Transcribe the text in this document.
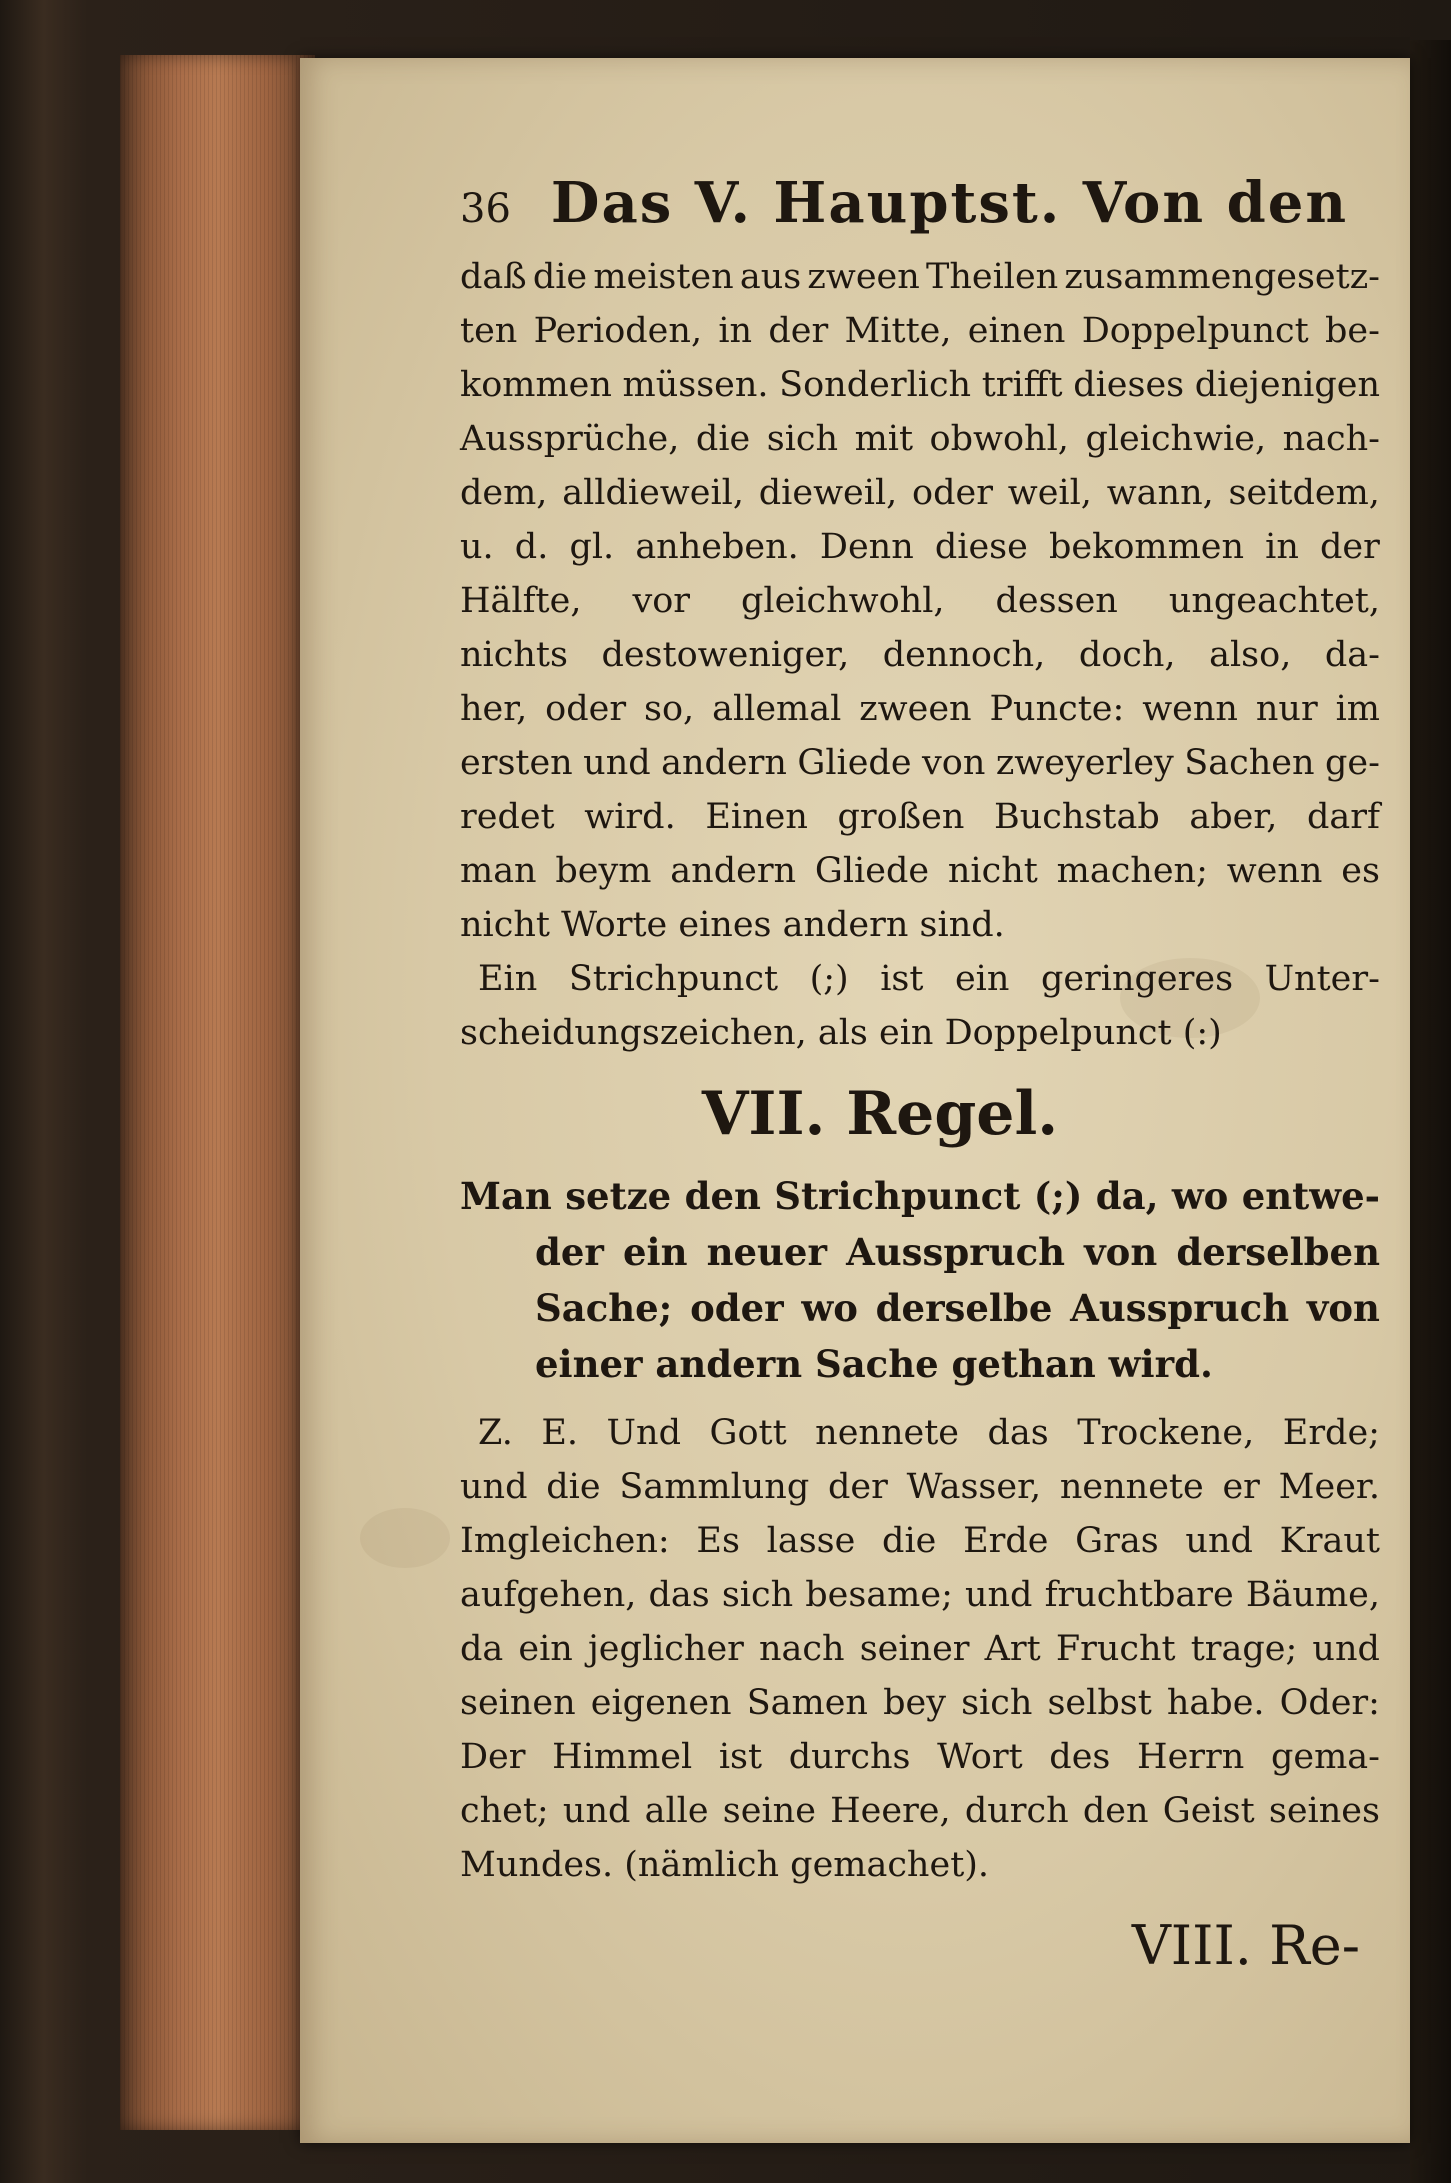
36 Das V. Hauptst. Von den
daß die meisten aus zween Theilen zusammengesetz-
ten Perioden, in der Mitte, einen Doppelpunct be-
kommen müssen. Sonderlich trifft dieses diejenigen
Aussprüche, die sich mit obwohl, gleichwie, nach-
dem, alldieweil, dieweil, oder weil, wann, seitdem,
u. d. gl. anheben. Denn diese bekommen in der
Hälfte, vor gleichwohl, dessen ungeachtet,
nichts destoweniger, dennoch, doch, also, da-
her, oder so, allemal zween Puncte: wenn nur im
ersten und andern Gliede von zweyerley Sachen ge-
redet wird. Einen großen Buchstab aber, darf
man beym andern Gliede nicht machen; wenn es
nicht Worte eines andern sind.
Ein Strichpunct (;) ist ein geringeres Unter-
scheidungszeichen, als ein Doppelpunct (:)
VII. Regel.
Man setze den Strichpunct (;) da, wo entwe-
der ein neuer Ausspruch von derselben
Sache; oder wo derselbe Ausspruch von
einer andern Sache gethan wird.
Z. E. Und Gott nennete das Trockene, Erde;
und die Sammlung der Wasser, nennete er Meer.
Imgleichen: Es lasse die Erde Gras und Kraut
aufgehen, das sich besame; und fruchtbare Bäume,
da ein jeglicher nach seiner Art Frucht trage; und
seinen eigenen Samen bey sich selbst habe. Oder:
Der Himmel ist durchs Wort des Herrn gema-
chet; und alle seine Heere, durch den Geist seines
Mundes. (nämlich gemachet).
VIII. Re-
